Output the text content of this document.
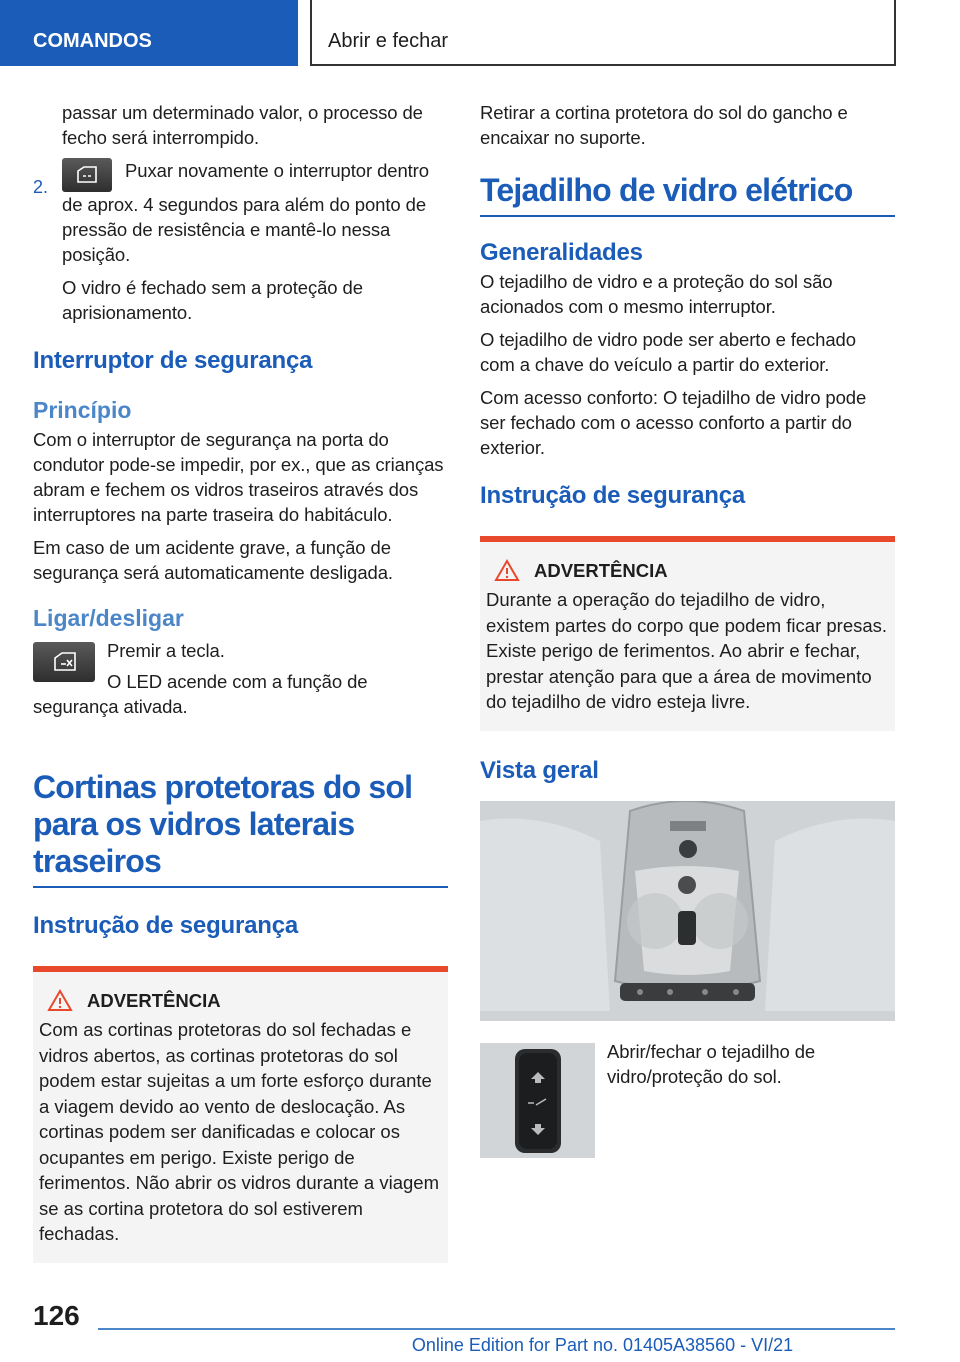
COMANDOS	Abrir e fechar

passar um determinado valor, o processo de fecho será interrompido.

2.

Puxar novamente o interruptor dentro de aprox. 4 segundos para além do ponto de pressão de resistência e mantê-lo nessa posição.

O vidro é fechado sem a proteção de aprisionamento.

Interruptor de segurança
Princípio

Com o interruptor de segurança na porta do condutor pode-se impedir, por ex., que as crianças abram e fechem os vidros traseiros através dos interruptores na parte traseira do habitáculo.

Em caso de um acidente grave, a função de segurança será automaticamente desligada.

Ligar/desligar

Premir a tecla.

O LED acende com a função de segurança ativada.

Cortinas protetoras do sol para os vidros laterais traseiros
Instrução de segurança
ADVERTÊNCIA

Com as cortinas protetoras do sol fechadas e vidros abertos, as cortinas protetoras do sol podem estar sujeitas a um forte esforço durante a viagem devido ao vento de deslocação. As cortinas podem ser danificadas e colocar os ocupantes em perigo. Existe perigo de ferimentos. Não abrir os vidros durante a viagem se as cortina protetora do sol estiverem fechadas.

Retirar a cortina protetora do sol do gancho e encaixar no suporte.

Tejadilho de vidro elétrico
Generalidades

O tejadilho de vidro e a proteção do sol são acionados com o mesmo interruptor.

O tejadilho de vidro pode ser aberto e fechado com a chave do veículo a partir do exterior.

Com acesso conforto: O tejadilho de vidro pode ser fechado com o acesso conforto a partir do exterior.

Instrução de segurança
ADVERTÊNCIA

Durante a operação do tejadilho de vidro, existem partes do corpo que podem ficar presas. Existe perigo de ferimentos. Ao abrir e fechar, prestar atenção para que a área de movimento do tejadilho de vidro esteja livre.

Vista geral

Abrir/fechar o tejadilho de vidro/proteção do sol.

126
Online Edition for Part no. 01405A38560 - VI/21
